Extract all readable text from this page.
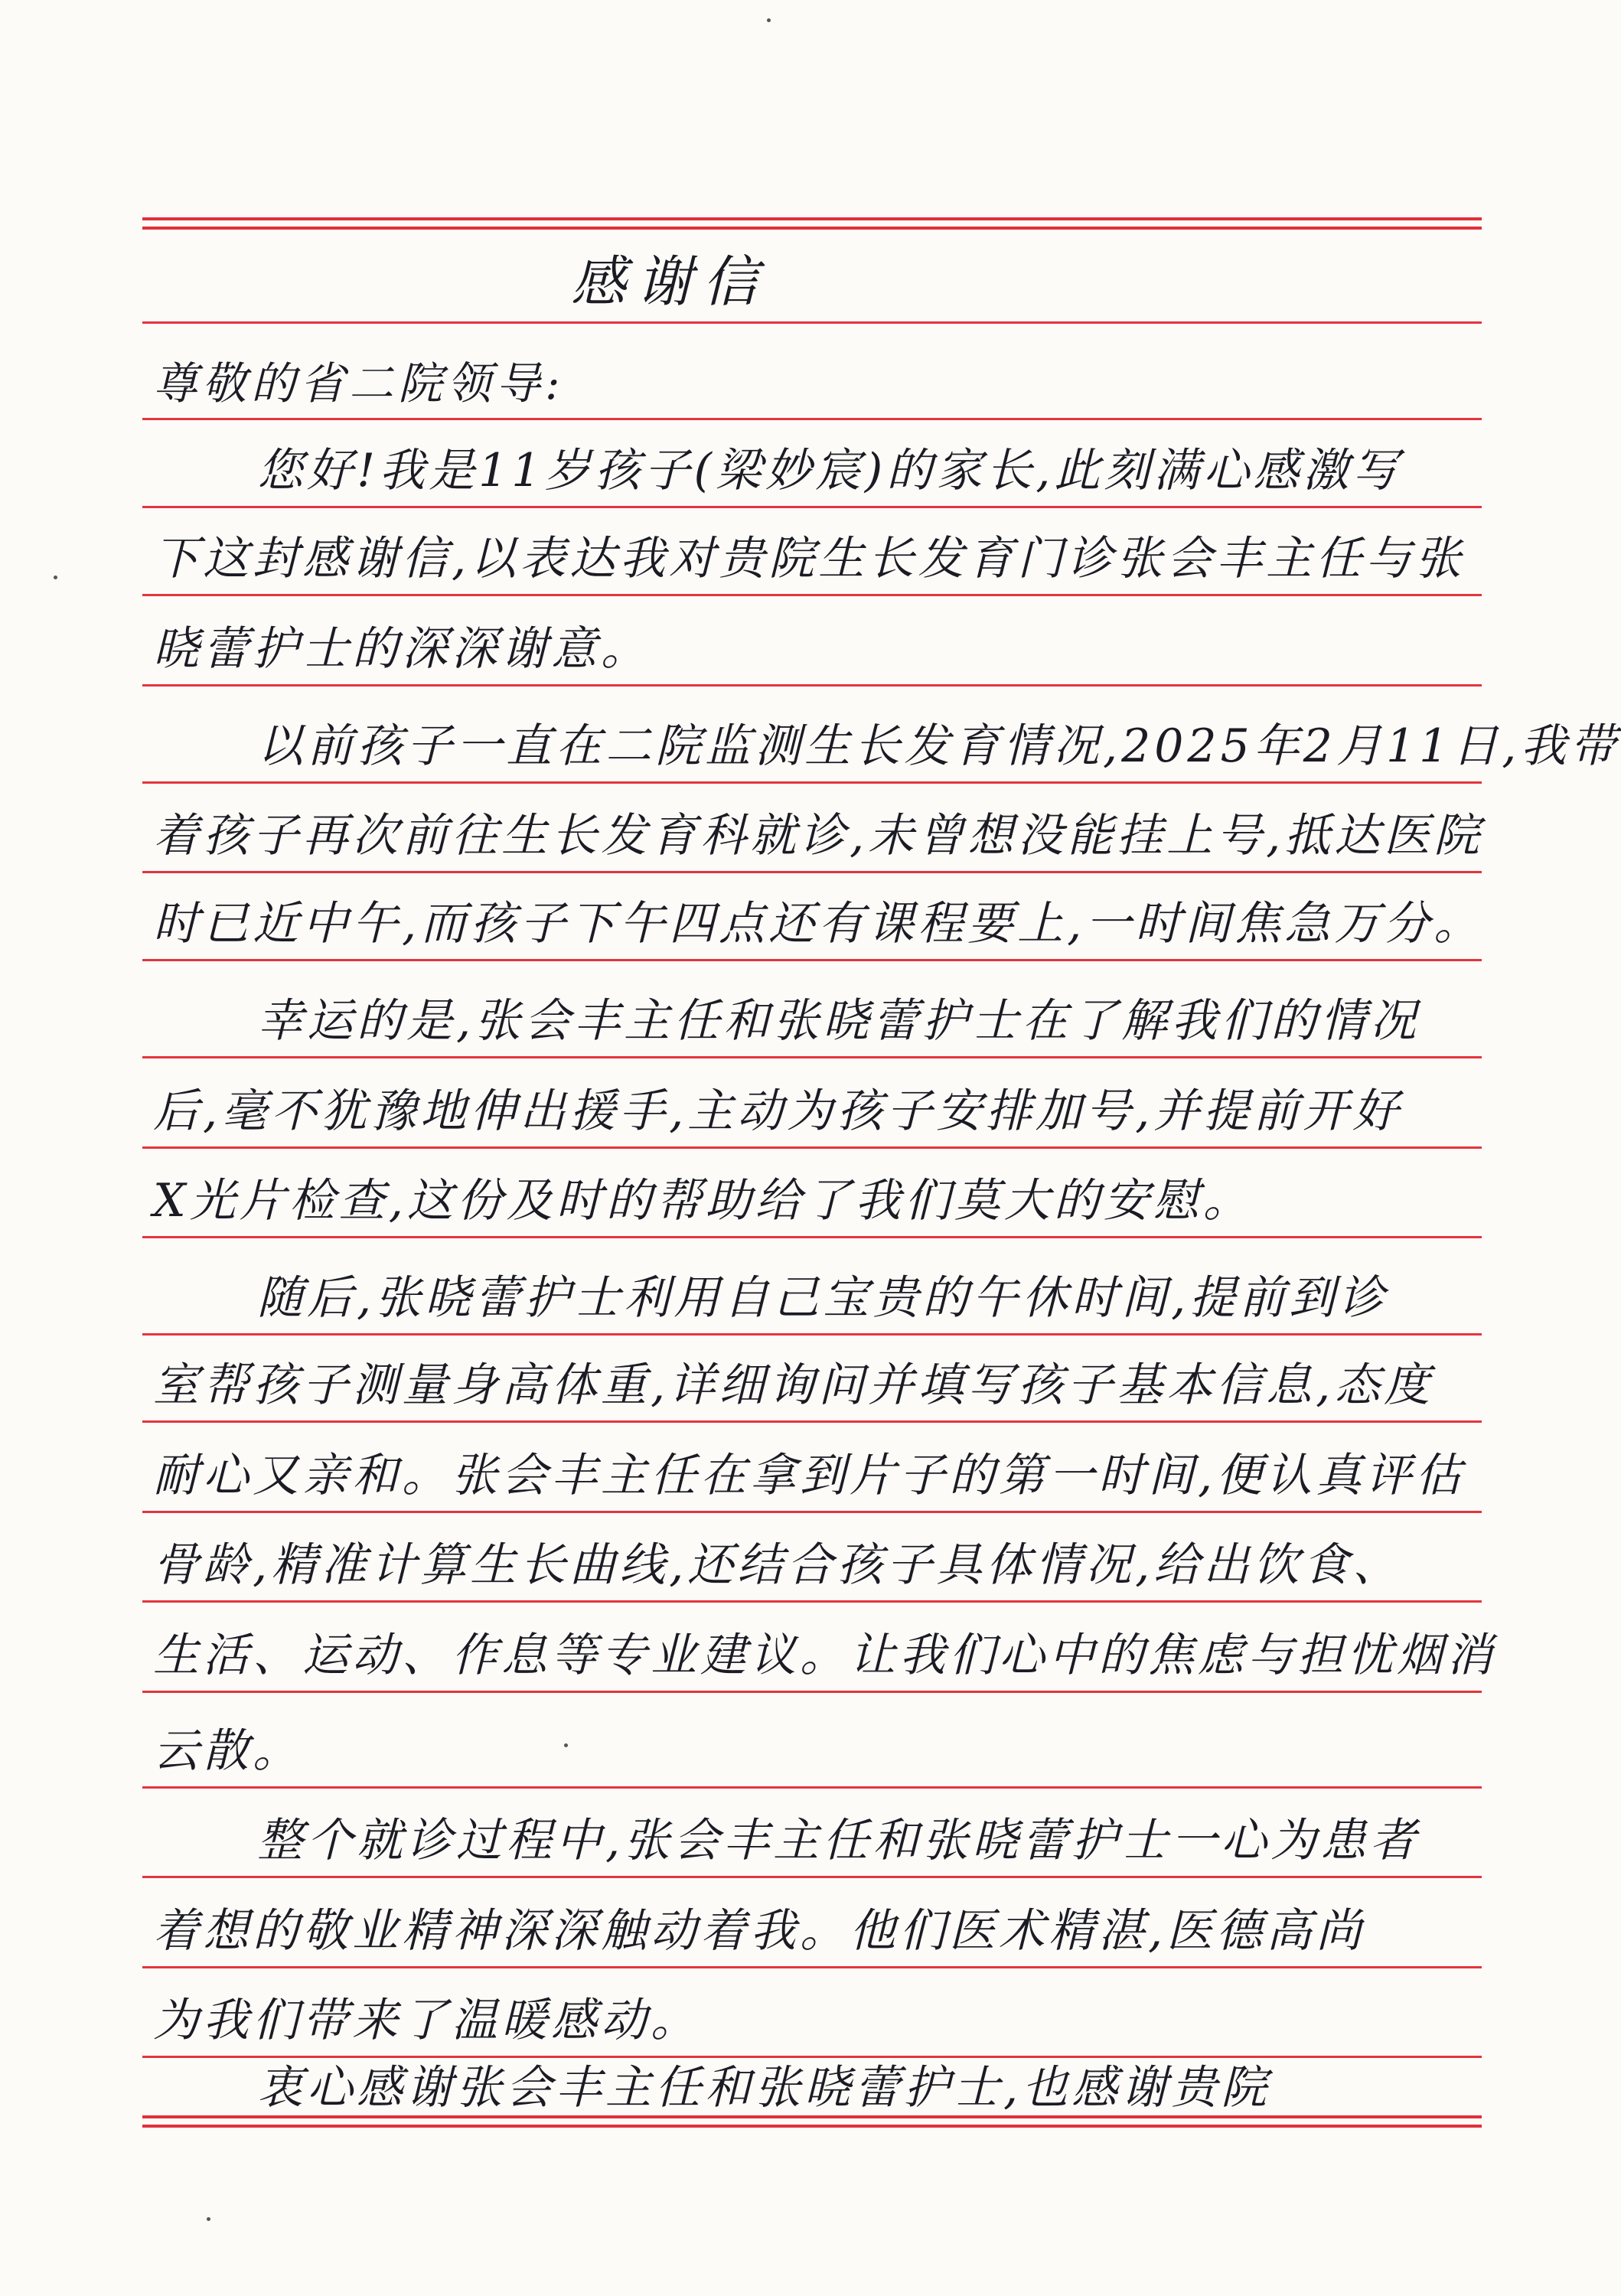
感谢信
尊敬的省二院领导:
您好!我是11岁孩子(梁妙宸)的家长,此刻满心感激写
下这封感谢信,以表达我对贵院生长发育门诊张会丰主任与张
晓蕾护士的深深谢意。
以前孩子一直在二院监测生长发育情况,2025年2月11日,我带
着孩子再次前往生长发育科就诊,未曾想没能挂上号,抵达医院
时已近中午,而孩子下午四点还有课程要上,一时间焦急万分。
幸运的是,张会丰主任和张晓蕾护士在了解我们的情况
后,毫不犹豫地伸出援手,主动为孩子安排加号,并提前开好
X光片检查,这份及时的帮助给了我们莫大的安慰。
随后,张晓蕾护士利用自己宝贵的午休时间,提前到诊
室帮孩子测量身高体重,详细询问并填写孩子基本信息,态度
耐心又亲和。张会丰主任在拿到片子的第一时间,便认真评估
骨龄,精准计算生长曲线,还结合孩子具体情况,给出饮食、
生活、运动、作息等专业建议。让我们心中的焦虑与担忧烟消
云散。
整个就诊过程中,张会丰主任和张晓蕾护士一心为患者
着想的敬业精神深深触动着我。他们医术精湛,医德高尚
为我们带来了温暖感动。
衷心感谢张会丰主任和张晓蕾护士,也感谢贵院
